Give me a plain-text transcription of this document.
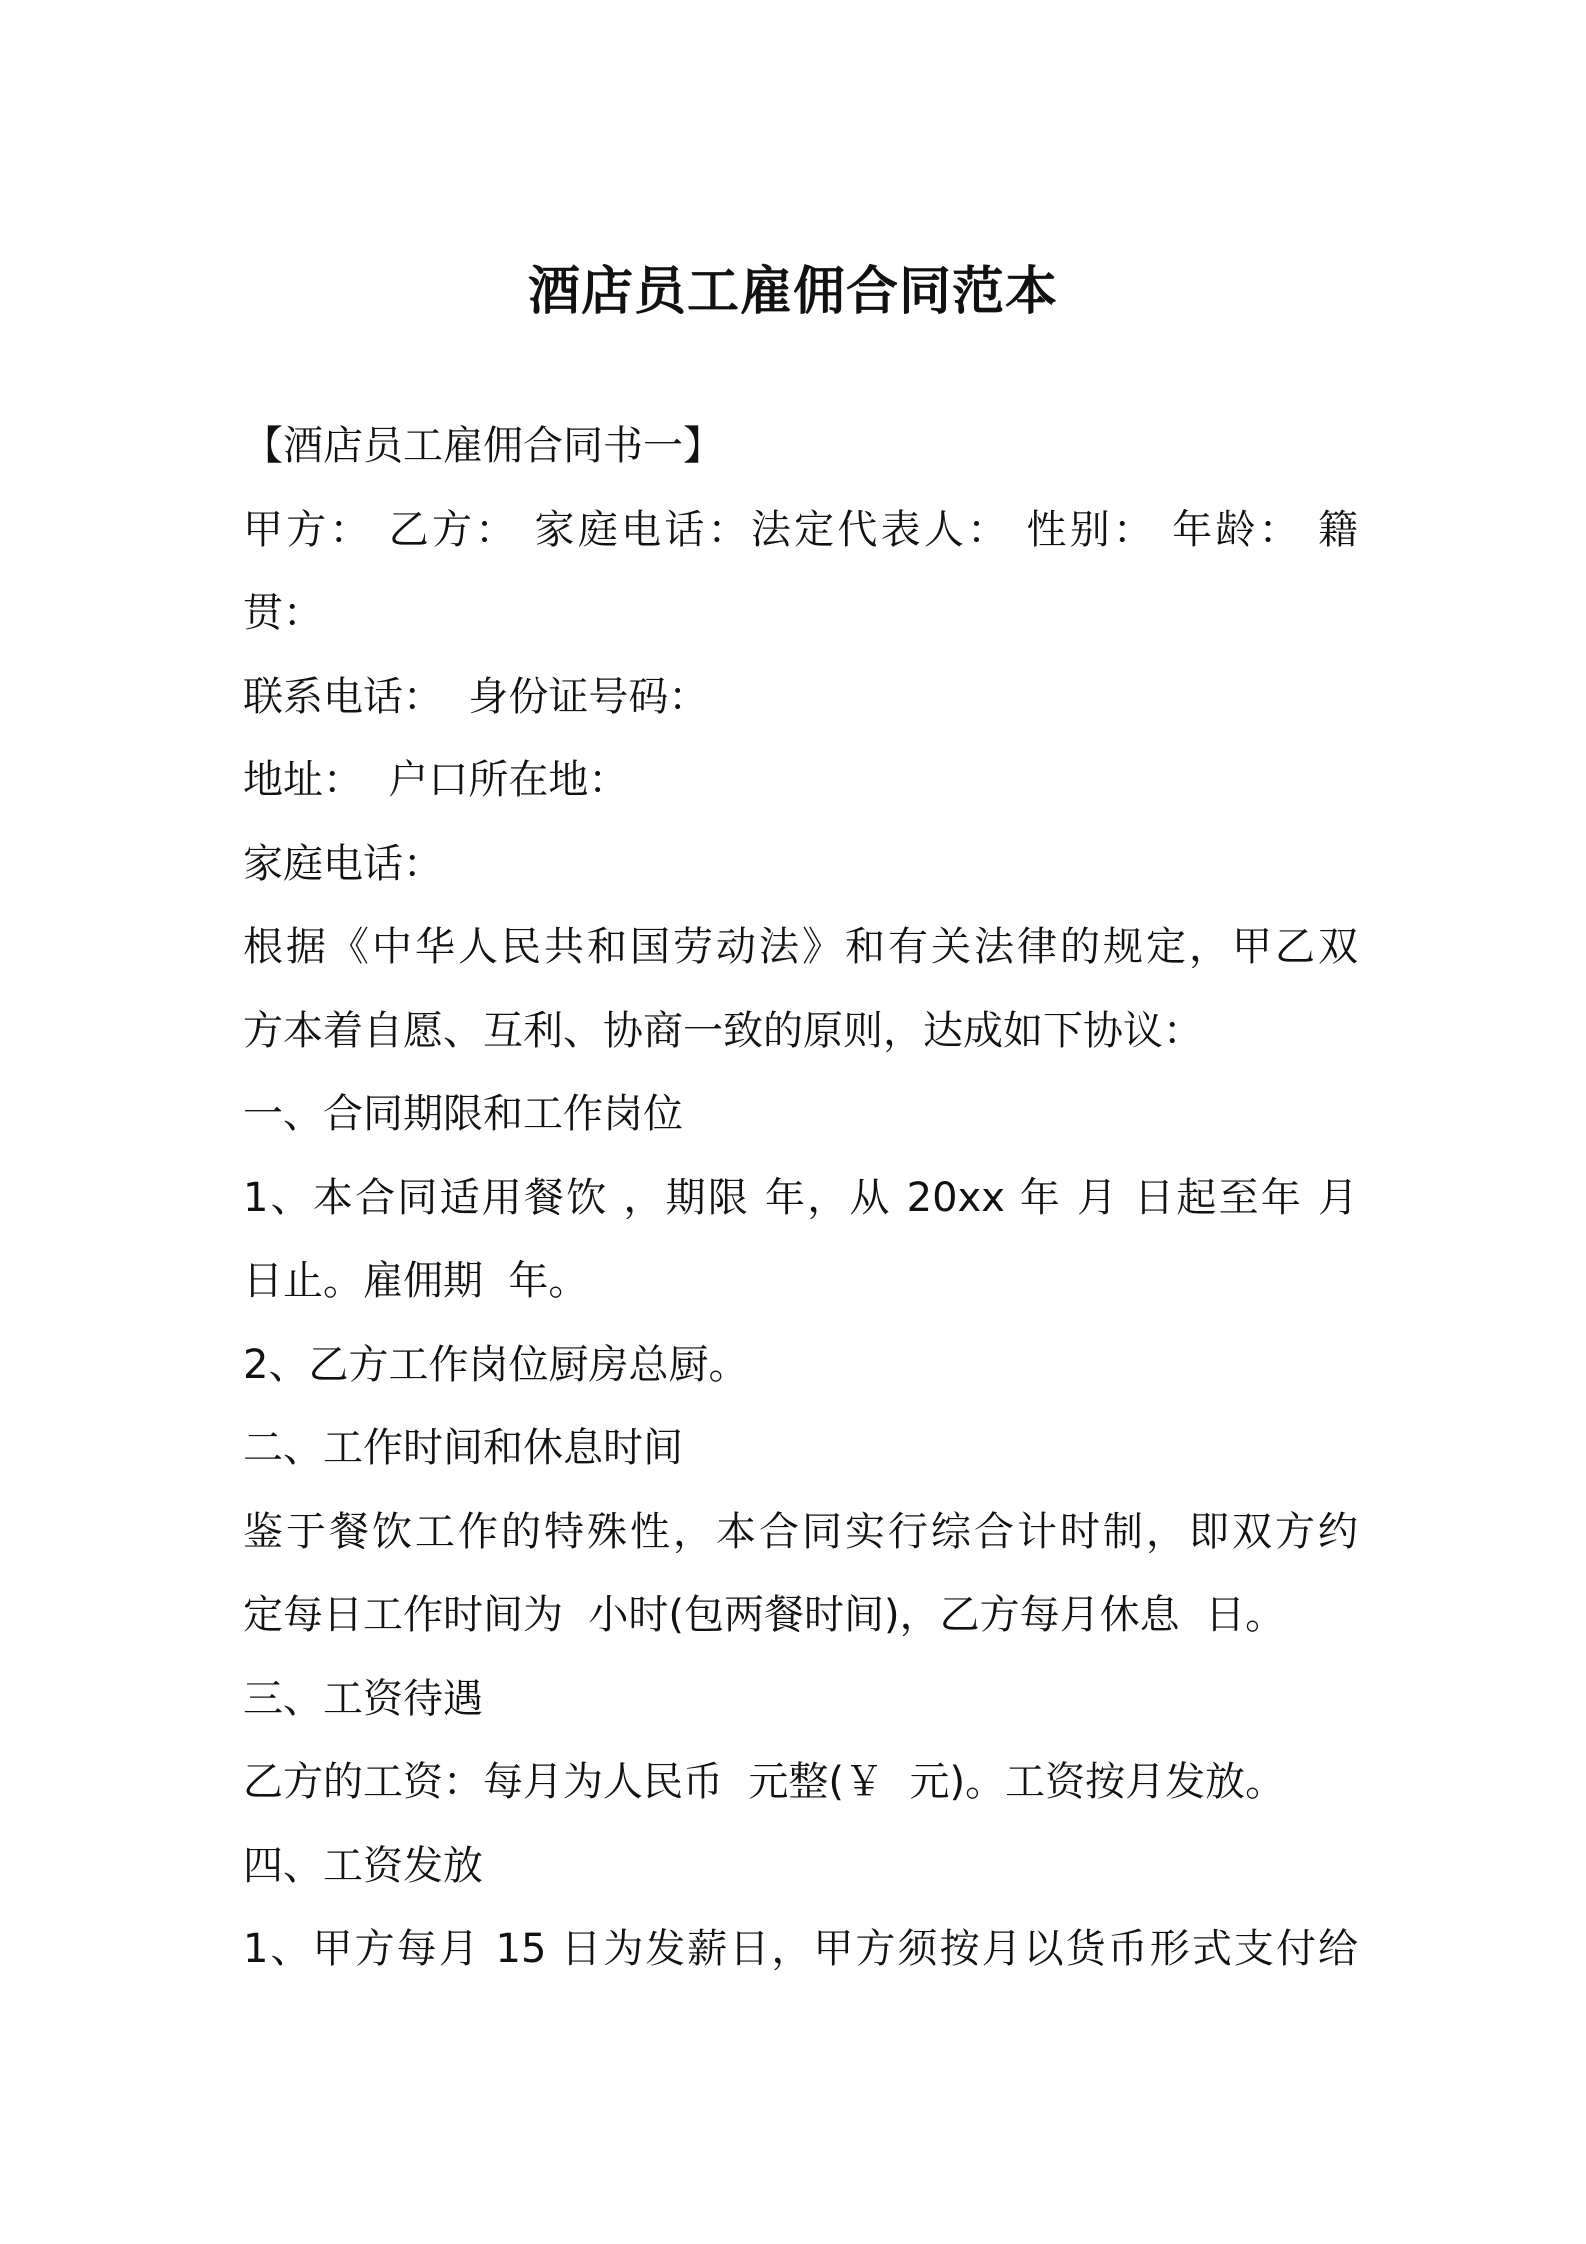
酒店员工雇佣合同范本
【酒店员工雇佣合同书一】
甲方： 乙方： 家庭电话：法定代表人： 性别： 年龄： 籍
贯：
联系电话：  身份证号码：
地址：  户口所在地：
家庭电话：
根据《中华人民共和国劳动法》和有关法律的规定，甲乙双
方本着自愿、互利、协商一致的原则，达成如下协议：
一、合同期限和工作岗位
1、本合同适用餐饮 ，期限 年，从 20xx 年 月 日起至年 月
日止。雇佣期  年。
2、乙方工作岗位厨房总厨。
二、工作时间和休息时间
鉴于餐饮工作的特殊性，本合同实行综合计时制，即双方约
定每日工作时间为  小时(包两餐时间)，乙方每月休息  日。
三、工资待遇
乙方的工资：每月为人民币  元整(￥  元)。工资按月发放。
四、工资发放
1、甲方每月 15 日为发薪日，甲方须按月以货币形式支付给
